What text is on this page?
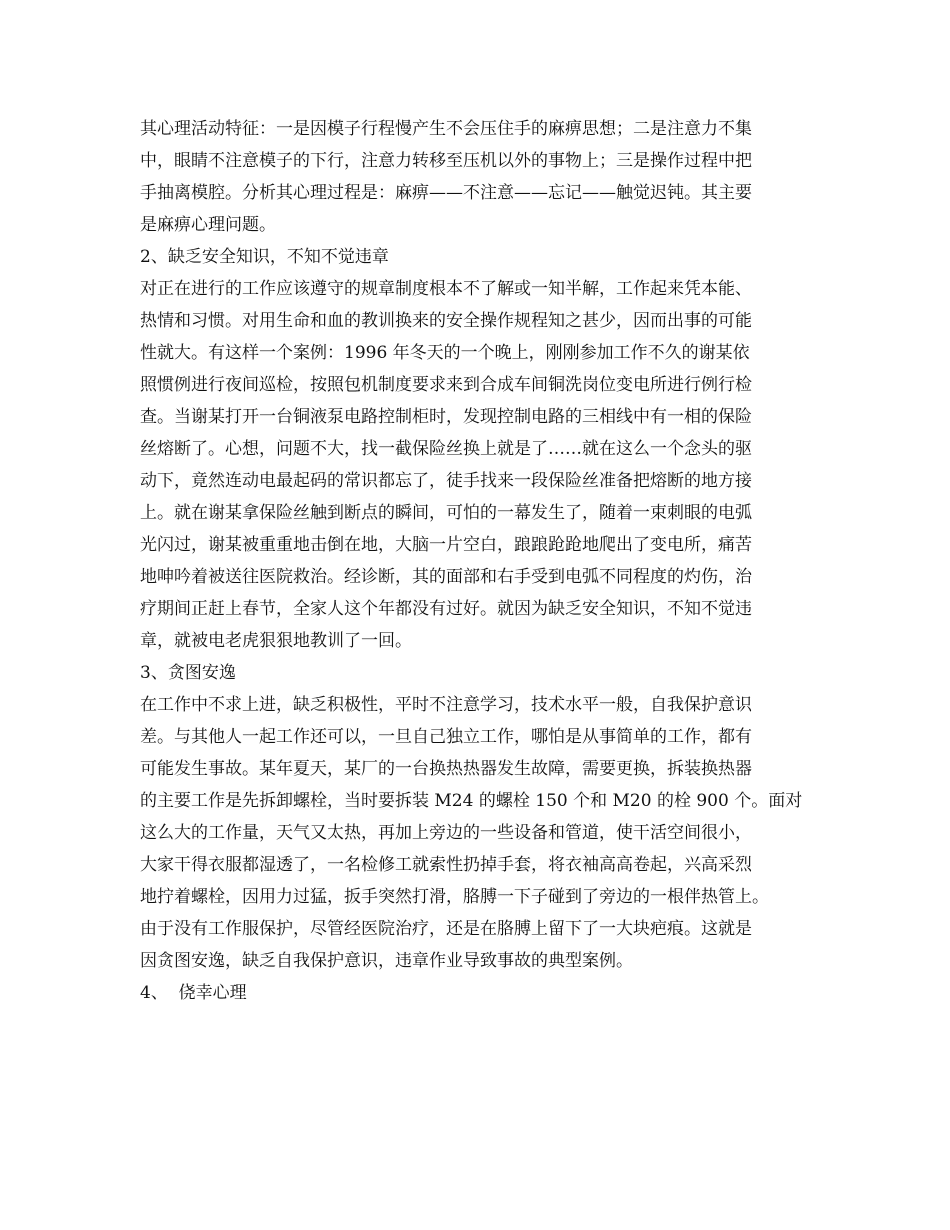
其心理活动特征：一是因模子行程慢产生不会压住手的麻痹思想；二是注意力不集
中，眼睛不注意模子的下行，注意力转移至压机以外的事物上；三是操作过程中把
手抽离模腔。分析其心理过程是：麻痹——不注意——忘记——触觉迟钝。其主要
是麻痹心理问题。
2、缺乏安全知识，不知不觉违章
对正在进行的工作应该遵守的规章制度根本不了解或一知半解，工作起来凭本能、
热情和习惯。对用生命和血的教训换来的安全操作规程知之甚少，因而出事的可能
性就大。有这样一个案例：1996 年冬天的一个晚上，刚刚参加工作不久的谢某依
照惯例进行夜间巡检，按照包机制度要求来到合成车间铜洗岗位变电所进行例行检
查。当谢某打开一台铜液泵电路控制柜时，发现控制电路的三相线中有一相的保险
丝熔断了。心想，问题不大，找一截保险丝换上就是了……就在这么一个念头的驱
动下，竟然连动电最起码的常识都忘了，徒手找来一段保险丝准备把熔断的地方接
上。就在谢某拿保险丝触到断点的瞬间，可怕的一幕发生了，随着一束刺眼的电弧
光闪过，谢某被重重地击倒在地，大脑一片空白，踉踉跄跄地爬出了变电所，痛苦
地呻吟着被送往医院救治。经诊断，其的面部和右手受到电弧不同程度的灼伤，治
疗期间正赶上春节，全家人这个年都没有过好。就因为缺乏安全知识，不知不觉违
章，就被电老虎狠狠地教训了一回。
3、贪图安逸
在工作中不求上进，缺乏积极性，平时不注意学习，技术水平一般，自我保护意识
差。与其他人一起工作还可以，一旦自己独立工作，哪怕是从事简单的工作，都有
可能发生事故。某年夏天，某厂的一台换热热器发生故障，需要更换，拆装换热器
的主要工作是先拆卸螺栓，当时要拆装 M24 的螺栓 150 个和 M20 的栓 900 个。面对
这么大的工作量，天气又太热，再加上旁边的一些设备和管道，使干活空间很小，
大家干得衣服都湿透了，一名检修工就索性扔掉手套，将衣袖高高卷起，兴高采烈
地拧着螺栓，因用力过猛，扳手突然打滑，胳膊一下子碰到了旁边的一根伴热管上。
由于没有工作服保护，尽管经医院治疗，还是在胳膊上留下了一大块疤痕。这就是
因贪图安逸，缺乏自我保护意识，违章作业导致事故的典型案例。
4、  侥幸心理
